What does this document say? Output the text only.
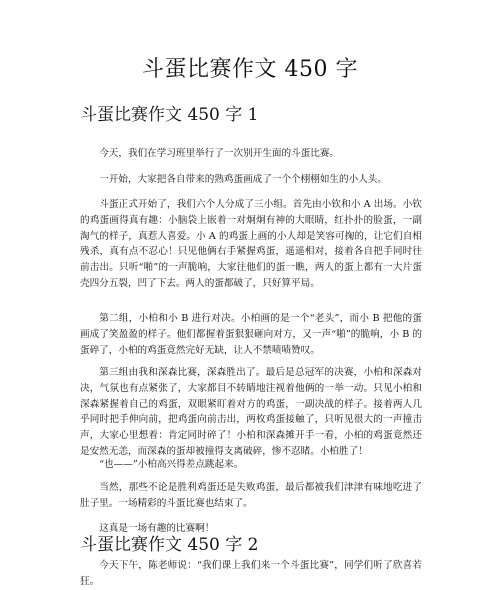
斗蛋比赛作文 450 字
斗蛋比赛作文 450 字 1

今天，我们在学习班里举行了一次别开生面的斗蛋比赛。

一开始，大家把各自带来的熟鸡蛋画成了一个个栩栩如生的小人头。

斗蛋正式开始了，我们六个人分成了三小组。首先由小钦和小 A 出场。小钦的鸡蛋画得真有趣：小脑袋上嵌着一对炯炯有神的大眼睛，红扑扑的脸蛋，一副淘气的样子，真惹人喜爱。小 A 的鸡蛋上画的小人却是笑容可掬的，让它们自相残杀，真有点不忍心！只见他俩右手紧握鸡蛋，遥遥相对，接着各自把手同时往前击出。只听“啪”的一声脆响，大家往他们的蛋一瞧，两人的蛋上都有一大片蛋壳四分五裂，凹了下去。两人的蛋都破了，只好算平局。

第二组，小柏和小 B 进行对决。小柏画的是一个“老头”，而小 B 把他的蛋画成了笑盈盈的样子。他们都握着蛋狠狠砸向对方，又一声“啪”的脆响，小 B 的蛋碎了，小柏的鸡蛋竟然完好无缺，让人不禁啧啧赞叹。

第三组由我和深森比赛，深森胜出了。最后是总冠军的决赛，小柏和深森对决，气氛也有点紧张了，大家都目不转睛地注视着他俩的一举一动。只见小柏和深森紧握着自己的鸡蛋，双眼紧盯着对方的鸡蛋，一副决战的样子。接着两人几乎同时把手伸向前，把鸡蛋向前击出，两枚鸡蛋接触了，只听见很大的一声撞击声，大家心里想着：肯定同时碎了！小柏和深森摊开手一看，小柏的鸡蛋竟然还是安然无恙，而深森的蛋却被撞得支离破碎，惨不忍睹。小柏胜了！

“也——”小柏高兴得差点跳起来。

当然，那些不论是胜利鸡蛋还是失败鸡蛋，最后都被我们津津有味地吃进了肚子里。一场精彩的斗蛋比赛也结束了。

这真是一场有趣的比赛啊！

斗蛋比赛作文 450 字 2

今天下午，陈老师说：“我们课上我们来一个斗蛋比赛”，同学们听了欣喜若狂。
